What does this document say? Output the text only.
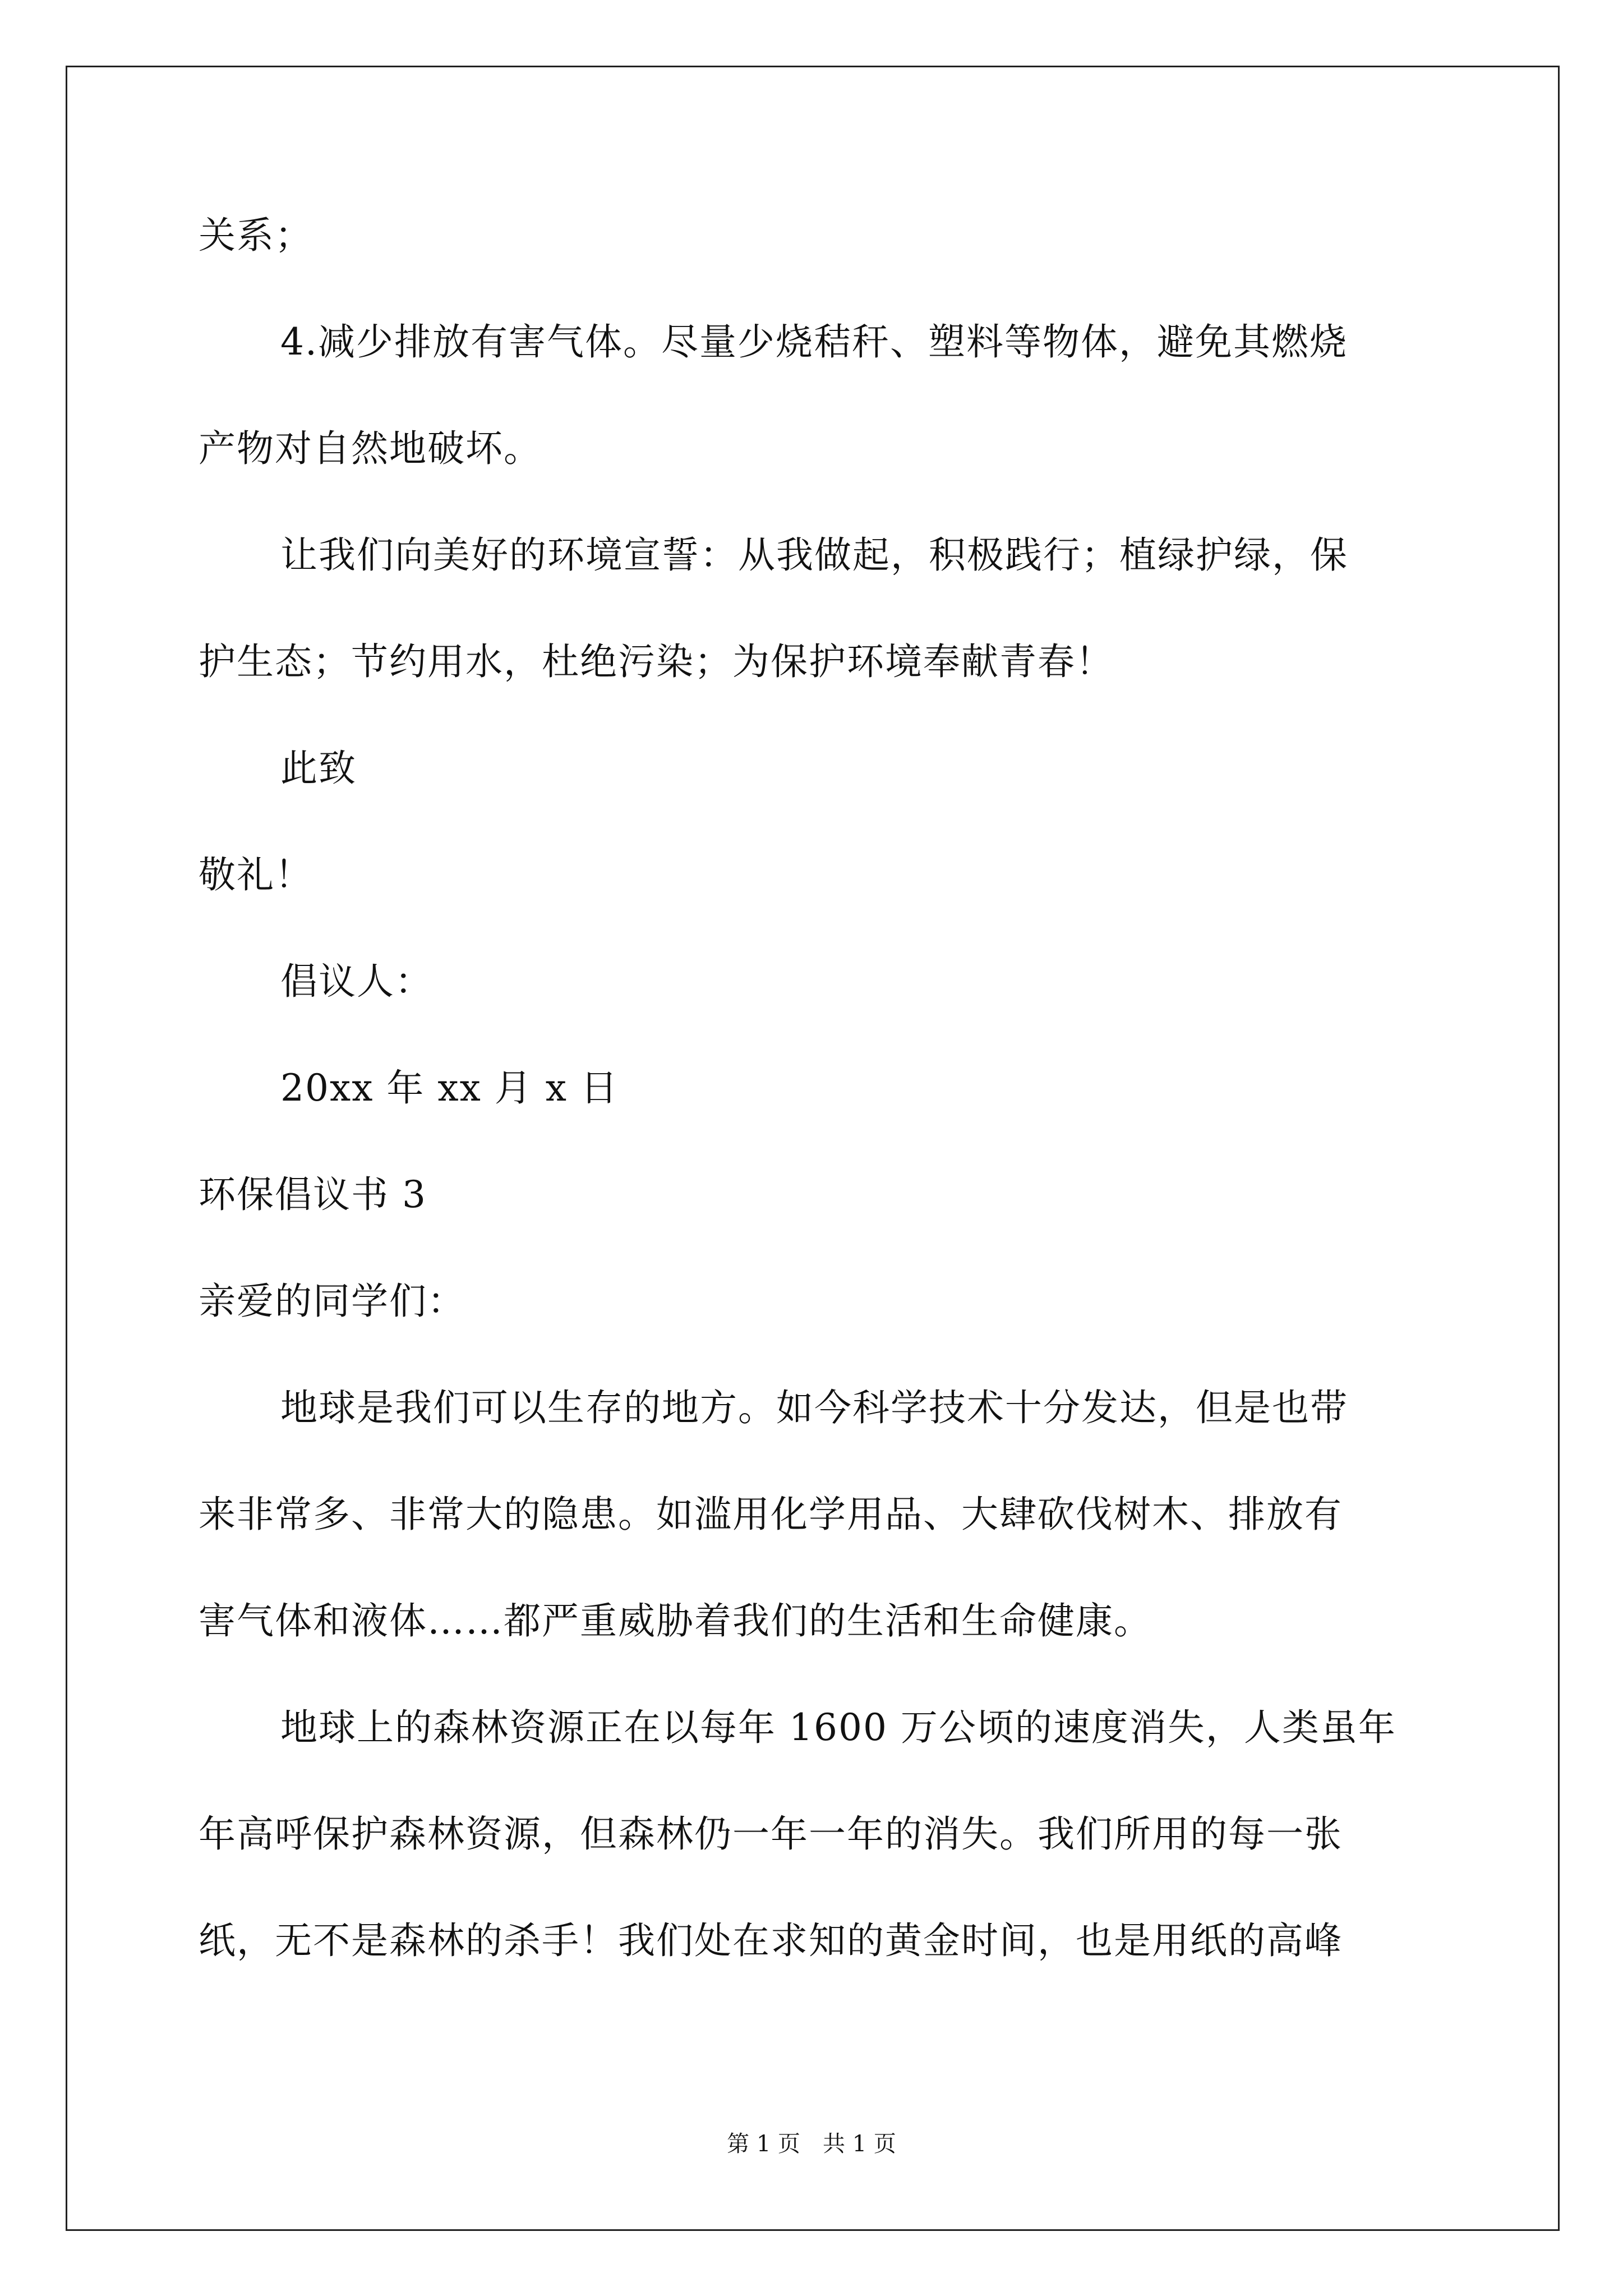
关系；
4.减少排放有害气体。尽量少烧秸秆、塑料等物体，避免其燃烧
产物对自然地破坏。
让我们向美好的环境宣誓：从我做起，积极践行；植绿护绿，保
护生态；节约用水，杜绝污染；为保护环境奉献青春！
此致
敬礼！
倡议人：
20xx 年 xx 月 x 日
环保倡议书 3
亲爱的同学们：
地球是我们可以生存的地方。如今科学技术十分发达，但是也带
来非常多、非常大的隐患。如滥用化学用品、大肆砍伐树木、排放有
害气体和液体……都严重威胁着我们的生活和生命健康。
地球上的森林资源正在以每年 1600 万公顷的速度消失，人类虽年
年高呼保护森林资源，但森林仍一年一年的消失。我们所用的每一张
纸，无不是森林的杀手！我们处在求知的黄金时间，也是用纸的高峰
第 1 页　共 1 页
